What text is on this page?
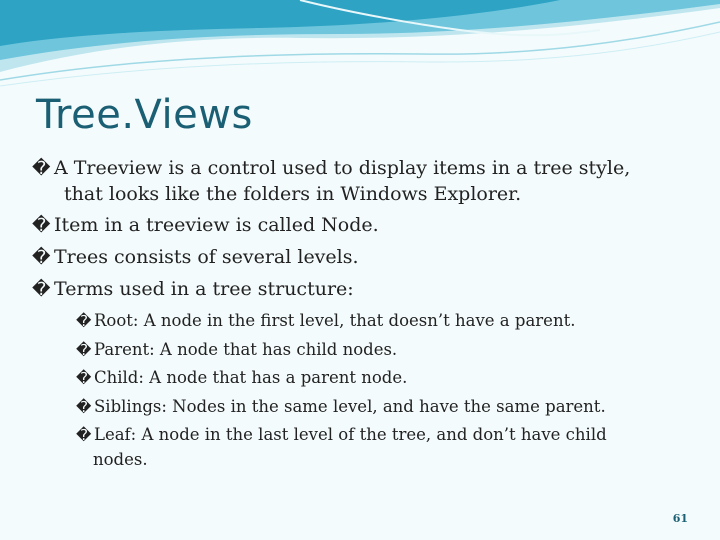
Tree.Views
� A Treeview is a control used to display items in a tree style,
that looks like the folders in Windows Explorer.
� Item in a treeview is called Node.
� Trees consists of several levels.
� Terms used in a tree structure:
� Root: A node in the first level, that doesn’t have a parent.
� Parent: A node that has child nodes.
� Child: A node that has a parent node.
� Siblings: Nodes in the same level, and have the same parent.
� Leaf: A node in the last level of the tree, and don’t have child
nodes.
61
